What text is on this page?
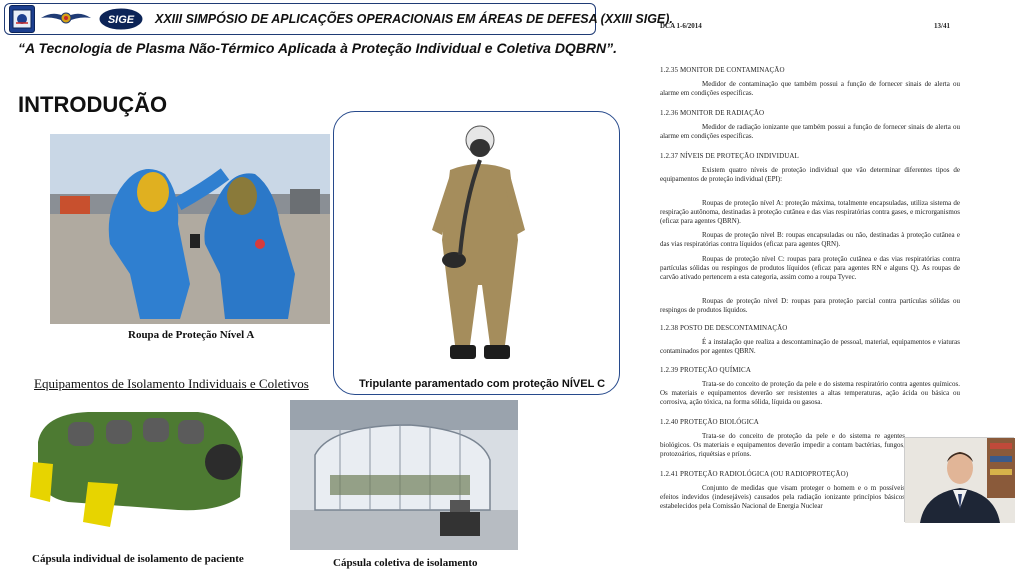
SIGE XXIII SIMPÓSIO DE APLICAÇÕES OPERACIONAIS EM ÁREAS DE DEFESA (XXIII SIGE).
“A Tecnologia de Plasma Não-Térmico Aplicada à Proteção Individual e Coletiva DQBRN”.
INTRODUÇÃO
Roupa de Proteção Nível A
Tripulante paramentado com proteção NÍVEL C
Equipamentos de Isolamento Individuais e Coletivos
Cápsula individual de isolamento de paciente	Cápsula coletiva de isolamento
DCA 1-6/2014	13/41
1.2.35 MONITOR DE CONTAMINAÇÃO
Medidor de contaminação que também possui a função de fornecer sinais de alerta ou alarme em condições específicas.
1.2.36 MONITOR DE RADIAÇÃO
Medidor de radiação ionizante que também possui a função de fornecer sinais de alerta ou alarme em condições específicas.
1.2.37 NÍVEIS DE PROTEÇÃO INDIVIDUAL
Existem quatro níveis de proteção individual que vão determinar diferentes tipos de equipamentos de proteção individual (EPI):
Roupas de proteção nível A: proteção máxima, totalmente encapsuladas, utiliza sistema de respiração autônoma, destinadas à proteção cutânea e das vias respiratórias contra gases, e microrganismos (eficaz para agentes QBRN).
Roupas de proteção nível B: roupas encapsuladas ou não, destinadas à proteção cutânea e das vias respiratórias contra líquidos (eficaz para agentes QRN).
Roupas de proteção nível C: roupas para proteção cutânea e das vias respiratórias contra partículas sólidas ou respingos de produtos líquidos (eficaz para agentes RN e alguns Q). As roupas de carvão ativado pertencem a esta categoria, assim como a roupa Tyvec.
Roupas de proteção nível D: roupas para proteção parcial contra partículas sólidas ou respingos de produtos líquidos.
1.2.38 POSTO DE DESCONTAMINAÇÃO
É a instalação que realiza a descontaminação de pessoal, material, equipamentos e viaturas contaminados por agentes QBRN.
1.2.39 PROTEÇÃO QUÍMICA
Trata-se do conceito de proteção da pele e do sistema respiratório contra agentes químicos. Os materiais e equipamentos deverão ser resistentes a altas temperaturas, ação ácida ou básica ou corrosiva, ação tóxica, na forma sólida, líquida ou gasosa.
1.2.40 PROTEÇÃO BIOLÓGICA
Trata-se do conceito de proteção da pele e do sistema re agentes biológicos. Os materiais e equipamentos deverão impedir a contam bactérias, fungos, protozoários, riquétsias e príons.
1.2.41 PROTEÇÃO RADIOLÓGICA (OU RADIOPROTEÇÃO)
Conjunto de medidas que visam proteger o homem e o m possíveis efeitos indevidos (indesejáveis) causados pela radiação ionizante princípios básicos estabelecidos pela Comissão Nacional de Energia Nuclear
